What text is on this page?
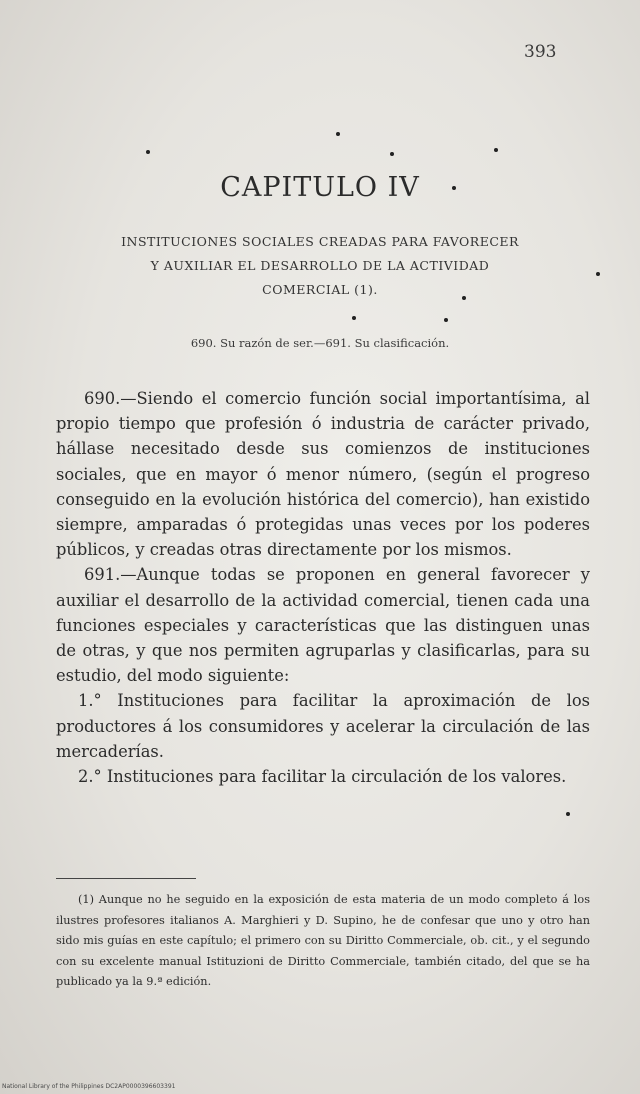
393
CAPITULO IV
INSTITUCIONES SOCIALES CREADAS PARA FAVORECER
Y AUXILIAR EL DESARROLLO DE LA ACTIVIDAD
COMERCIAL (1).
690. Su razón de ser.—691. Su clasificación.

690.—Siendo el comercio función social importantísima, al propio tiempo que profesión ó industria de carácter privado, hállase necesitado desde sus comienzos de instituciones sociales, que en mayor ó menor número, (según el progreso conseguido en la evolución histórica del comercio), han existido siempre, amparadas ó protegidas unas veces por los poderes públicos, y creadas otras directamente por los mismos.

691.—Aunque todas se proponen en general favorecer y auxiliar el desarrollo de la actividad comercial, tienen cada una funciones especiales y características que las distinguen unas de otras, y que nos permiten agruparlas y clasificarlas, para su estudio, del modo siguiente:

1.° Instituciones para facilitar la aproximación de los productores á los consumidores y acelerar la circulación de las mercaderías.

2.° Instituciones para facilitar la circulación de los valores.

(1) Aunque no he seguido en la exposición de esta materia de un modo completo á los ilustres profesores italianos A. Marghieri y D. Supino, he de confesar que uno y otro han sido mis guías en este capítulo; el primero con su Diritto Commerciale, ob. cit., y el segundo con su excelente manual Istituzioni de Diritto Commerciale, también citado, del que se ha publicado ya la 9.ª edición.

National Library of the Philippines DC2AP0000396603391
